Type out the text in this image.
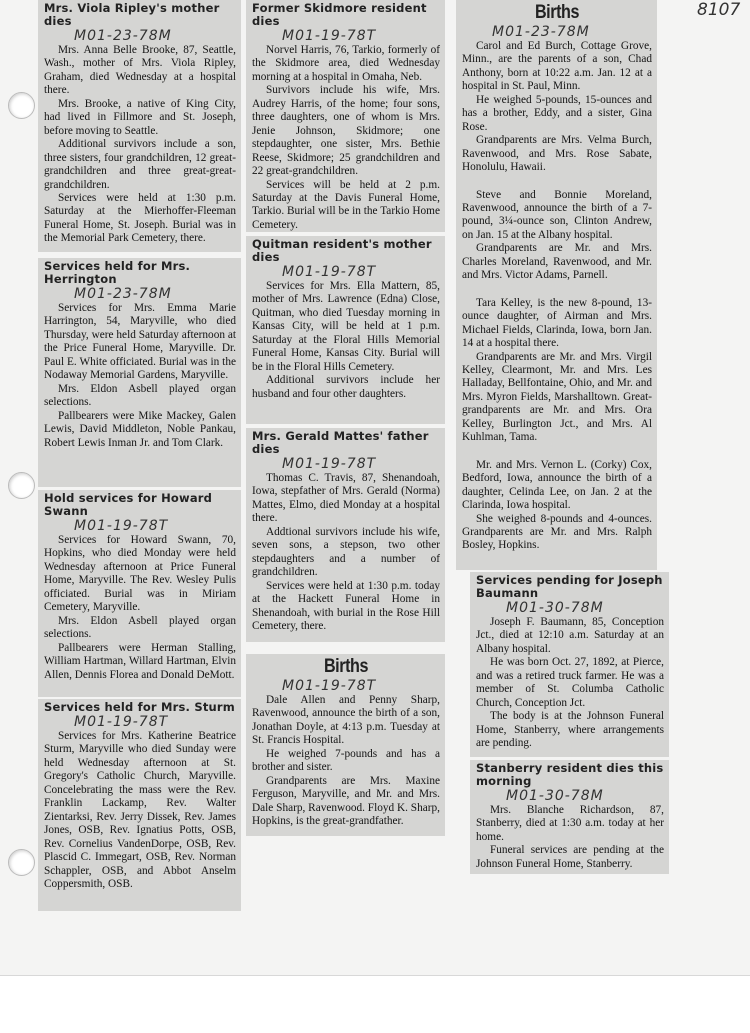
8107
Mrs. Viola Ripley's mother dies
M01-23-78M

Mrs. Anna Belle Brooke, 87, Seattle, Wash., mother of Mrs. Viola Ripley, Graham, died Wednesday at a hospital there.

Mrs. Brooke, a native of King City, had lived in Fillmore and St. Joseph, before moving to Seattle.

Additional survivors include a son, three sisters, four grandchildren, 12 great-grandchildren and three great-great-grandchildren.

Services were held at 1:30 p.m. Saturday at the Mierhoffer-Fleeman Funeral Home, St. Joseph. Burial was in the Memorial Park Cemetery, there.

Services held for Mrs. Herrington
M01-23-78M

Services for Mrs. Emma Marie Harrington, 54, Maryville, who died Thursday, were held Saturday afternoon at the Price Funeral Home, Maryville. Dr. Paul E. White officiated. Burial was in the Nodaway Memorial Gardens, Maryville.

Mrs. Eldon Asbell played organ selections.

Pallbearers were Mike Mackey, Galen Lewis, David Middleton, Noble Pankau, Robert Lewis Inman Jr. and Tom Clark.

Hold services for Howard Swann
M01-19-78T

Services for Howard Swann, 70, Hopkins, who died Monday were held Wednesday afternoon at Price Funeral Home, Maryville. The Rev. Wesley Pulis officiated. Burial was in Miriam Cemetery, Maryville.

Mrs. Eldon Asbell played organ selections.

Pallbearers were Herman Stalling, William Hartman, Willard Hartman, Elvin Allen, Dennis Florea and Donald DeMott.

Services held for Mrs. Sturm
M01-19-78T

Services for Mrs. Katherine Beatrice Sturm, Maryville who died Sunday were held Wednesday afternoon at St. Gregory's Catholic Church, Maryville. Concelebrating the mass were the Rev. Franklin Lackamp, Rev. Walter Zientarksi, Rev. Jerry Dissek, Rev. James Jones, OSB, Rev. Ignatius Potts, OSB, Rev. Cornelius VandenDorpe, OSB, Rev. Plascid C. Immegart, OSB, Rev. Norman Schappler, OSB, and Abbot Anselm Coppersmith, OSB.

Former Skidmore resident dies
M01-19-78T

Norvel Harris, 76, Tarkio, formerly of the Skidmore area, died Wednesday morning at a hospital in Omaha, Neb.

Survivors include his wife, Mrs. Audrey Harris, of the home; four sons, three daughters, one of whom is Mrs. Jenie Johnson, Skidmore; one stepdaughter, one sister, Mrs. Bethie Reese, Skidmore; 25 grandchildren and 22 great-grandchildren.

Services will be held at 2 p.m. Saturday at the Davis Funeral Home, Tarkio. Burial will be in the Tarkio Home Cemetery.

Quitman resident's mother dies
M01-19-78T

Services for Mrs. Ella Mattern, 85, mother of Mrs. Lawrence (Edna) Close, Quitman, who died Tuesday morning in Kansas City, will be held at 1 p.m. Saturday at the Floral Hills Memorial Funeral Home, Kansas City. Burial will be in the Floral Hills Cemetery.

Additional survivors include her husband and four other daughters.

Mrs. Gerald Mattes' father dies
M01-19-78T

Thomas C. Travis, 87, Shenandoah, Iowa, stepfather of Mrs. Gerald (Norma) Mattes, Elmo, died Monday at a hospital there.

Addtional survivors include his wife, seven sons, a stepson, two other stepdaughters and a number of grandchildren.

Services were held at 1:30 p.m. today at the Hackett Funeral Home in Shenandoah, with burial in the Rose Hill Cemetery, there.

Births
M01-19-78T

Dale Allen and Penny Sharp, Ravenwood, announce the birth of a son, Jonathan Doyle, at 4:13 p.m. Tuesday at St. Francis Hospital.

He weighed 7-pounds and has a brother and sister.

Grandparents are Mrs. Maxine Ferguson, Maryville, and Mr. and Mrs. Dale Sharp, Ravenwood. Floyd K. Sharp, Hopkins, is the great-grandfather.

Births
M01-23-78M

Carol and Ed Burch, Cottage Grove, Minn., are the parents of a son, Chad Anthony, born at 10:22 a.m. Jan. 12 at a hospital in St. Paul, Minn.

He weighed 5-pounds, 15-ounces and has a brother, Eddy, and a sister, Gina Rose.

Grandparents are Mrs. Velma Burch, Ravenwood, and Mrs. Rose Sabate, Honolulu, Hawaii.

Steve and Bonnie Moreland, Ravenwood, announce the birth of a 7-pound, 3¼-ounce son, Clinton Andrew, on Jan. 15 at the Albany hospital.

Grandparents are Mr. and Mrs. Charles Moreland, Ravenwood, and Mr. and Mrs. Victor Adams, Parnell.

Tara Kelley, is the new 8-pound, 13-ounce daughter, of Airman and Mrs. Michael Fields, Clarinda, Iowa, born Jan. 14 at a hospital there.

Grandparents are Mr. and Mrs. Virgil Kelley, Clearmont, Mr. and Mrs. Les Halladay, Bellfontaine, Ohio, and Mr. and Mrs. Myron Fields, Marshalltown. Great-grandparents are Mr. and Mrs. Ora Kelley, Burlington Jct., and Mrs. Al Kuhlman, Tama.

Mr. and Mrs. Vernon L. (Corky) Cox, Bedford, Iowa, announce the birth of a daughter, Celinda Lee, on Jan. 2 at the Clarinda, Iowa hospital.

She weighed 8-pounds and 4-ounces. Grandparents are Mr. and Mrs. Ralph Bosley, Hopkins.

Services pending for Joseph Baumann
M01-30-78M

Joseph F. Baumann, 85, Conception Jct., died at 12:10 a.m. Saturday at an Albany hospital.

He was born Oct. 27, 1892, at Pierce, and was a retired truck farmer. He was a member of St. Columba Catholic Church, Conception Jct.

The body is at the Johnson Funeral Home, Stanberry, where arrangements are pending.

Stanberry resident dies this morning
M01-30-78M

Mrs. Blanche Richardson, 87, Stanberry, died at 1:30 a.m. today at her home.

Funeral services are pending at the Johnson Funeral Home, Stanberry.
